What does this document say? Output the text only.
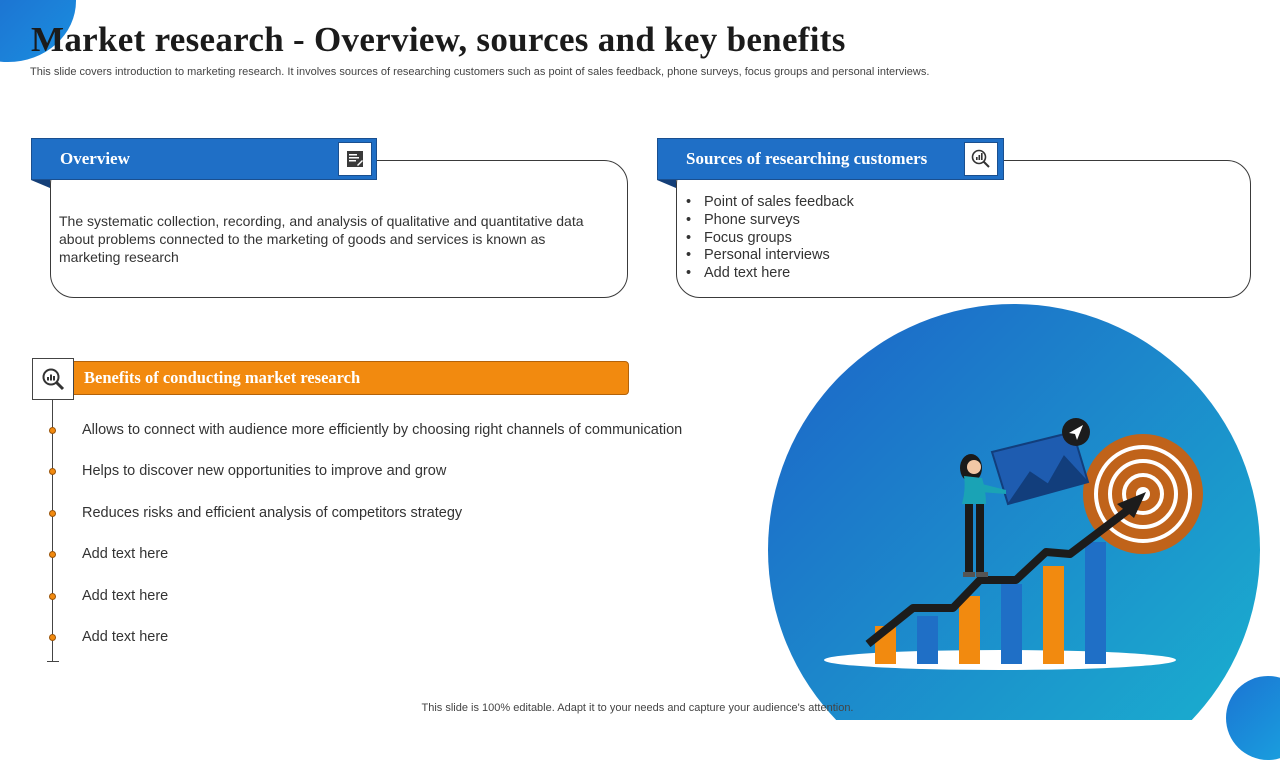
Market research - Overview, sources and key benefits
This slide covers introduction to marketing research. It involves sources of researching customers such as point of sales feedback, phone surveys, focus groups and personal interviews.
Overview
The systematic collection, recording, and analysis of qualitative and quantitative data about problems connected to the marketing of goods and services is known as marketing research
Sources of researching customers
• Point of sales feedback
• Phone surveys
• Focus groups
• Personal interviews
• Add text here
Benefits of conducting market research
Allows to connect with audience more efficiently by choosing right channels of communication
Helps to discover new opportunities to improve and grow
Reduces risks and efficient analysis of competitors strategy
Add text here
Add text here
Add text here
This slide is 100% editable. Adapt it to your needs and capture your audience's attention.
